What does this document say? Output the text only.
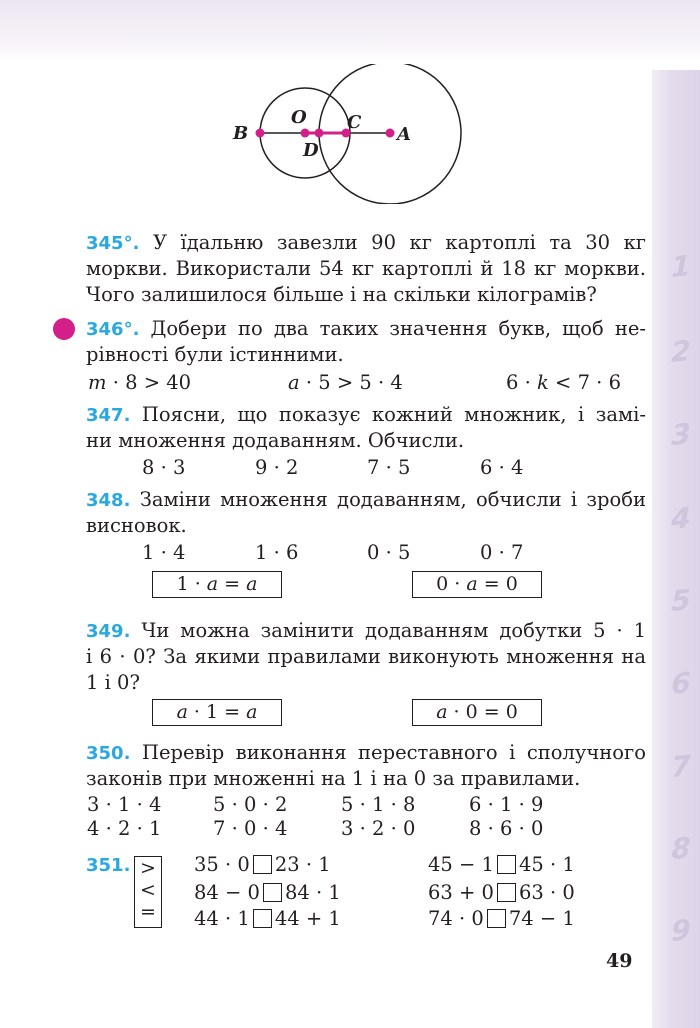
1
2
3
4
5
6
7
8
9
B
O C
A
D
345°. У їдальню завезли 90 кг картоплі та 30 кг
моркви. Використали 54 кг картоплі й 18 кг моркви.
Чого залишилося більше і на скільки кілограмів?
346°. Добери по два таких значення букв, щоб не-
рівності були істинними.
m · 8 > 40	a · 5 > 5 · 4	6 · k < 7 · 6
347. Поясни, що показує кожний множник, і замі-
ни множення додаванням. Обчисли.
8 · 3	9 · 2	7 · 5	6 · 4
348. Заміни множення додаванням, обчисли і зроби
висновок.
1 · 4	1 · 6	0 · 5	0 · 7
1 · a = a	0 · a = 0
349. Чи можна замінити додаванням добутки 5 · 1
і 6 · 0? За якими правилами виконують множення на
1 і 0?
a · 1 = a	a · 0 = 0
350. Перевір виконання переставного і сполучного
законів при множенні на 1 і на 0 за правилами.
3 · 1 · 4	5 · 0 · 2	5 · 1 · 8	6 · 1 · 9
4 · 2 · 1	7 · 0 · 4	3 · 2 · 0	8 · 6 · 0
351. >
<
=
35 · 0 23 · 1	45 − 1 45 · 1
84 − 0 84 · 1	63 + 0 63 · 0
44 · 1 44 + 1	74 · 0 74 − 1
49
